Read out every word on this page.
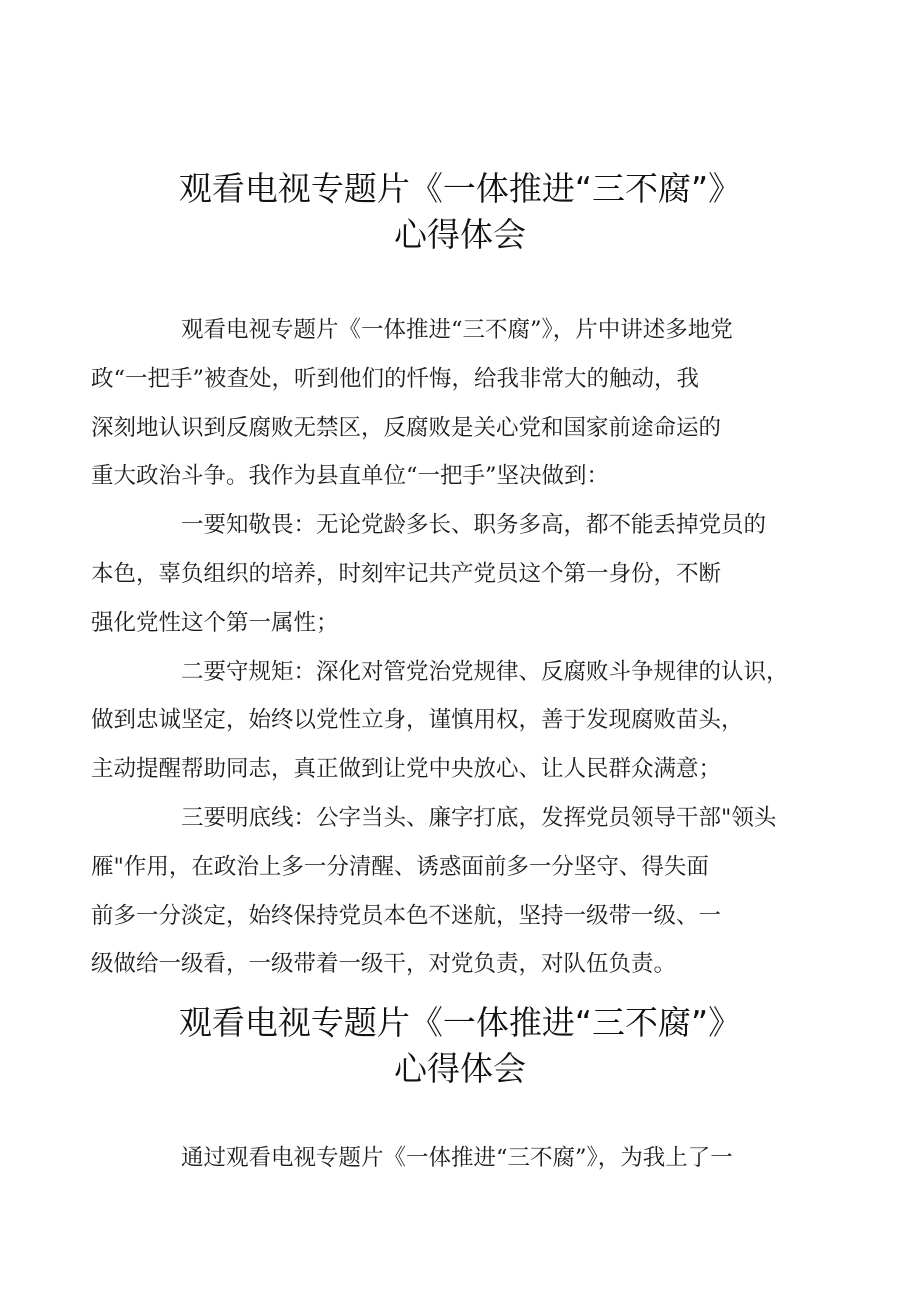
观看电视专题片《一体推进“三不腐”》
心得体会

观看电视专题片《一体推进“三不腐”》，片中讲述多地党
政“一把手”被查处，听到他们的忏悔，给我非常大的触动，我
深刻地认识到反腐败无禁区，反腐败是关心党和国家前途命运的
重大政治斗争。我作为县直单位“一把手”坚决做到：

一要知敬畏：无论党龄多长、职务多高，都不能丢掉党员的
本色，辜负组织的培养，时刻牢记共产党员这个第一身份，不断
强化党性这个第一属性；

二要守规矩：深化对管党治党规律、反腐败斗争规律的认识，
做到忠诚坚定，始终以党性立身，谨慎用权，善于发现腐败苗头，
主动提醒帮助同志，真正做到让党中央放心、让人民群众满意；

三要明底线：公字当头、廉字打底，发挥党员领导干部"领头
雁"作用，在政治上多一分清醒、诱惑面前多一分坚守、得失面
前多一分淡定，始终保持党员本色不迷航，坚持一级带一级、一
级做给一级看，一级带着一级干，对党负责，对队伍负责。

观看电视专题片《一体推进“三不腐”》
心得体会

通过观看电视专题片《一体推进“三不腐”》，为我上了一
